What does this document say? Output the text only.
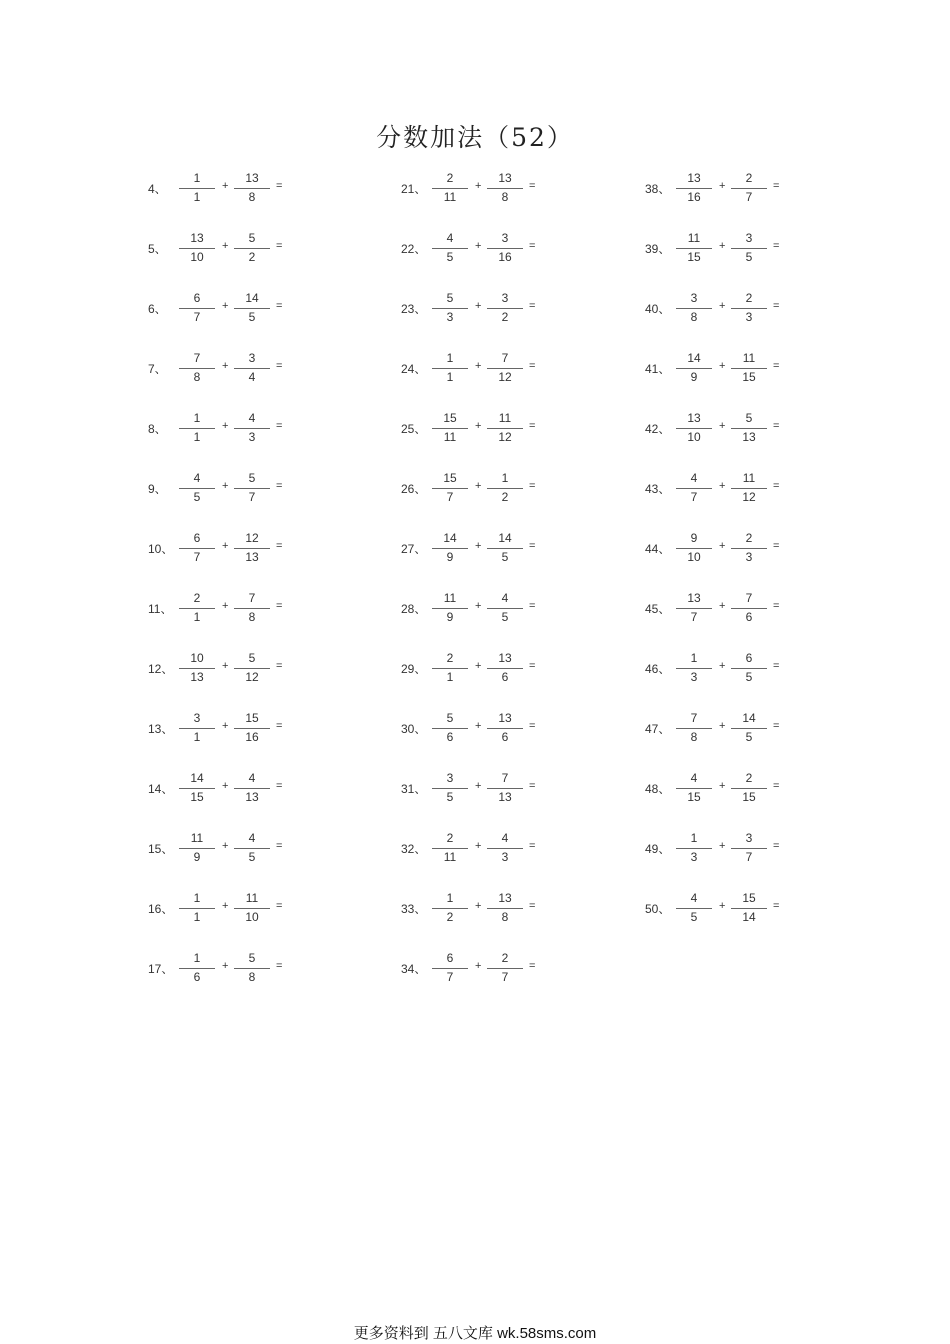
分数加法（52）
4、
1
1
+
13
8
=
5、
13
10
+
5
2
=
6、
6
7
+
14
5
=
7、
7
8
+
3
4
=
8、
1
1
+
4
3
=
9、
4
5
+
5
7
=
10、
6
7
+
12
13
=
11、
2
1
+
7
8
=
12、
10
13
+
5
12
=
13、
3
1
+
15
16
=
14、
14
15
+
4
13
=
15、
11
9
+
4
5
=
16、
1
1
+
11
10
=
17、
1
6
+
5
8
=
21、
2
11
+
13
8
=
22、
4
5
+
3
16
=
23、
5
3
+
3
2
=
24、
1
1
+
7
12
=
25、
15
11
+
11
12
=
26、
15
7
+
1
2
=
27、
14
9
+
14
5
=
28、
11
9
+
4
5
=
29、
2
1
+
13
6
=
30、
5
6
+
13
6
=
31、
3
5
+
7
13
=
32、
2
11
+
4
3
=
33、
1
2
+
13
8
=
34、
6
7
+
2
7
=
38、
13
16
+
2
7
=
39、
11
15
+
3
5
=
40、
3
8
+
2
3
=
41、
14
9
+
11
15
=
42、
13
10
+
5
13
=
43、
4
7
+
11
12
=
44、
9
10
+
2
3
=
45、
13
7
+
7
6
=
46、
1
3
+
6
5
=
47、
7
8
+
14
5
=
48、
4
15
+
2
15
=
49、
1
3
+
3
7
=
50、
4
5
+
15
14
=
更多资料到 五八文库 wk.58sms.com
